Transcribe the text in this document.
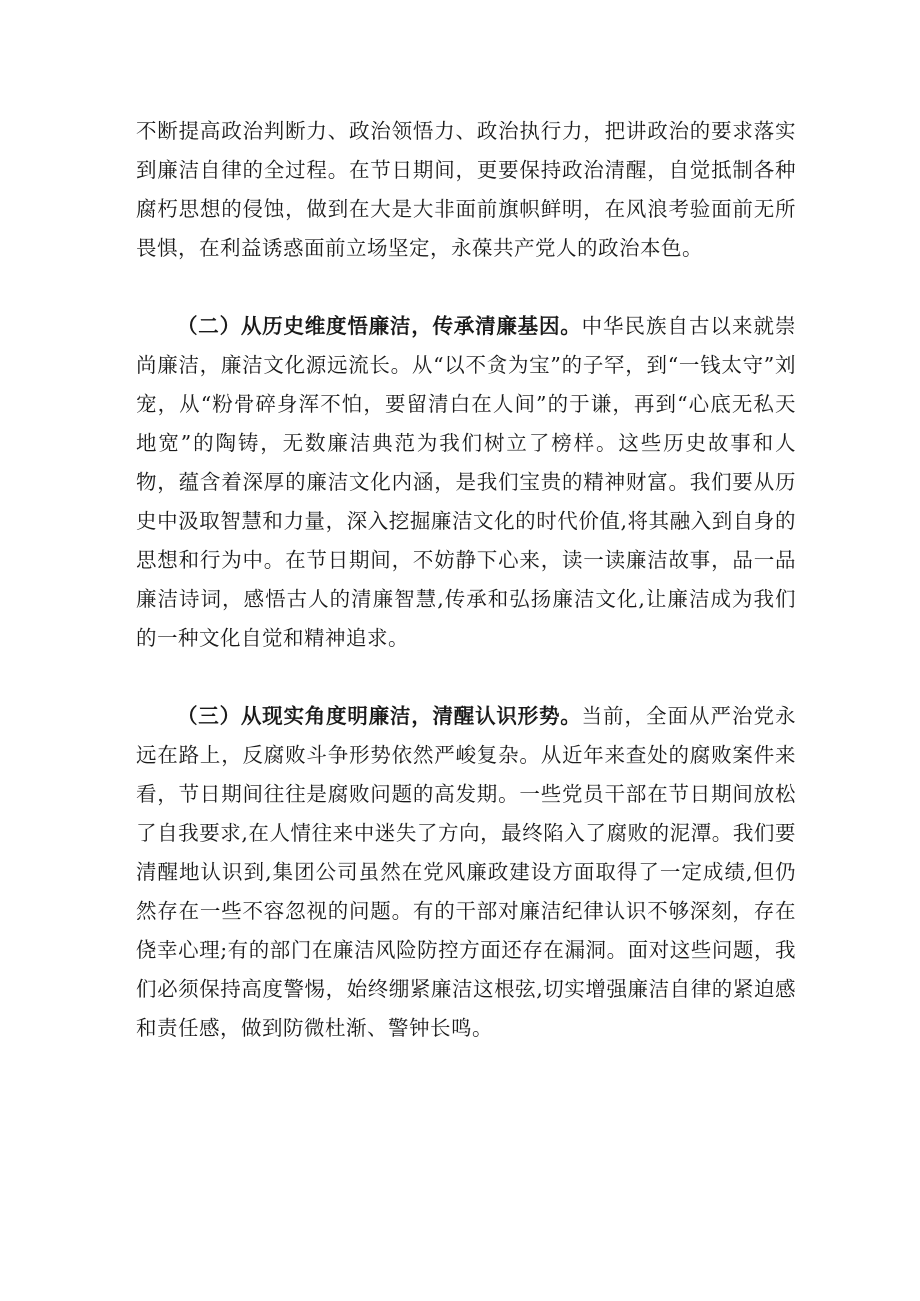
不断提高政治判断力、政治领悟力、政治执行力，把讲政治的要求落实到廉洁自律的全过程。在节日期间，更要保持政治清醒，自觉抵制各种腐朽思想的侵蚀，做到在大是大非面前旗帜鲜明，在风浪考验面前无所畏惧，在利益诱惑面前立场坚定，永葆共产党人的政治本色。

（二）从历史维度悟廉洁，传承清廉基因。中华民族自古以来就崇尚廉洁，廉洁文化源远流长。从“以不贪为宝”的子罕，到“一钱太守”刘宠，从“粉骨碎身浑不怕，要留清白在人间”的于谦，再到“心底无私天地宽”的陶铸，无数廉洁典范为我们树立了榜样。这些历史故事和人物，蕴含着深厚的廉洁文化内涵，是我们宝贵的精神财富。我们要从历史中汲取智慧和力量，深入挖掘廉洁文化的时代价值,将其融入到自身的思想和行为中。在节日期间，不妨静下心来，读一读廉洁故事，品一品廉洁诗词，感悟古人的清廉智慧,传承和弘扬廉洁文化,让廉洁成为我们的一种文化自觉和精神追求。

（三）从现实角度明廉洁，清醒认识形势。当前，全面从严治党永远在路上，反腐败斗争形势依然严峻复杂。从近年来查处的腐败案件来看，节日期间往往是腐败问题的高发期。一些党员干部在节日期间放松了自我要求,在人情往来中迷失了方向，最终陷入了腐败的泥潭。我们要清醒地认识到,集团公司虽然在党风廉政建设方面取得了一定成绩,但仍然存在一些不容忽视的问题。有的干部对廉洁纪律认识不够深刻，存在侥幸心理;有的部门在廉洁风险防控方面还存在漏洞。面对这些问题，我们必须保持高度警惕，始终绷紧廉洁这根弦,切实增强廉洁自律的紧迫感和责任感，做到防微杜渐、警钟长鸣。
